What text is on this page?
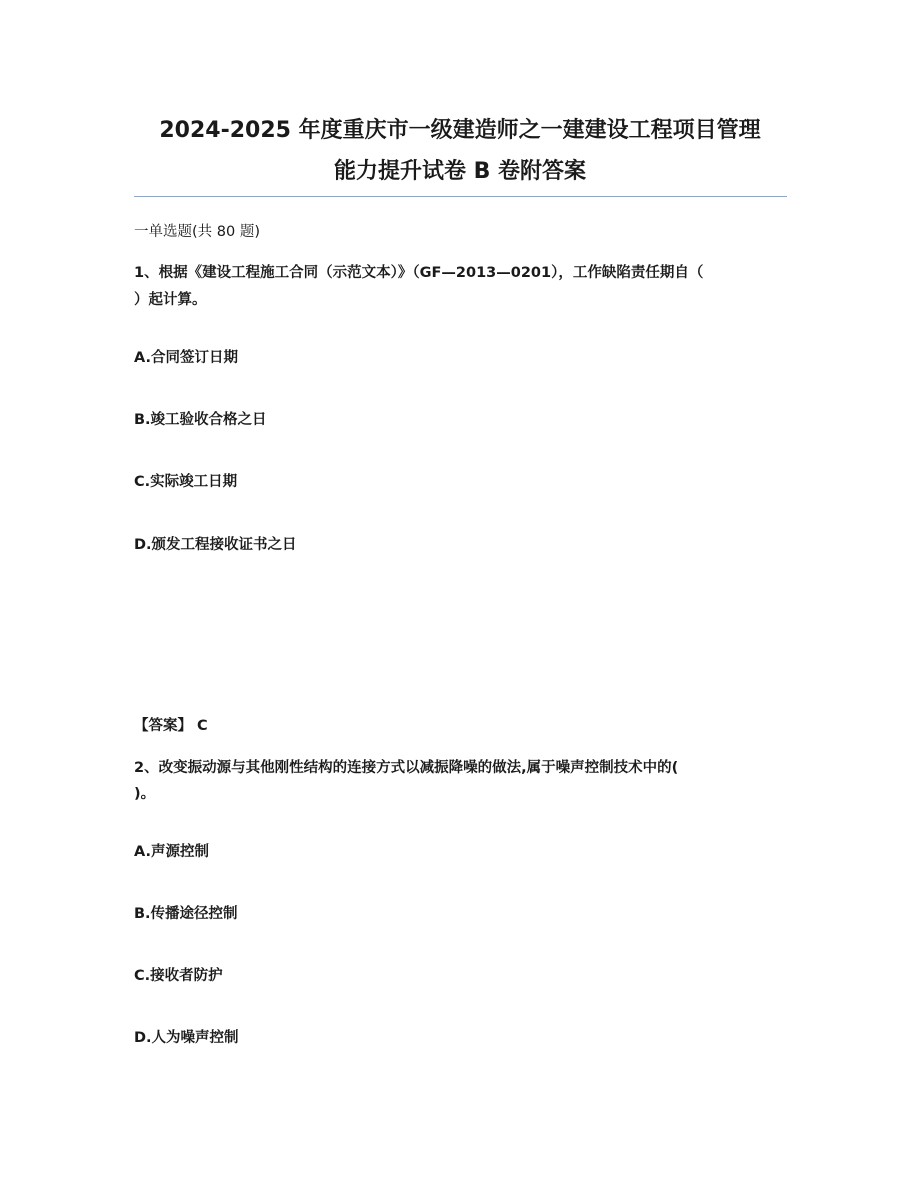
2024-2025 年度重庆市一级建造师之一建建设工程项目管理
能力提升试卷 B 卷附答案
一单选题(共 80 题)
1、根据《建设工程施工合同（示范文本）》（GF—2013—0201），工作缺陷责任期自（
）起计算。
A.合同签订日期
B.竣工验收合格之日
C.实际竣工日期
D.颁发工程接收证书之日
【答案】 C
2、改变振动源与其他刚性结构的连接方式以减振降噪的做法,属于噪声控制技术中的(
)。
A.声源控制
B.传播途径控制
C.接收者防护
D.人为噪声控制
